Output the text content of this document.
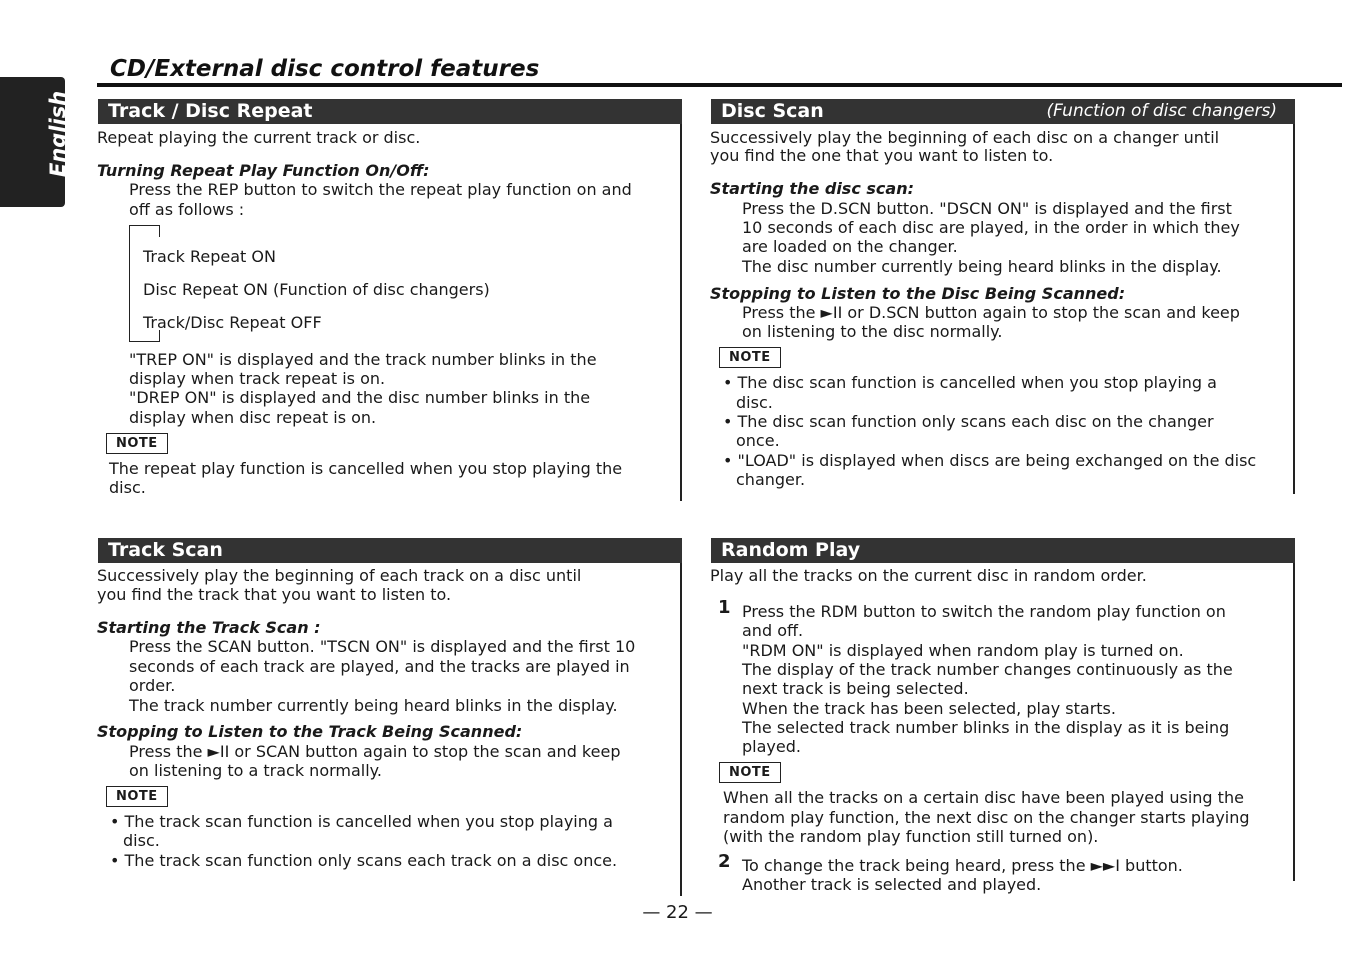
English
CD/External disc control features
Track / Disc Repeat
Repeat playing the current track or disc.
Turning Repeat Play Function On/Off:
Press the REP button to switch the repeat play function on and
off as follows :
Track Repeat ON
Disc Repeat ON (Function of disc changers)
Track/Disc Repeat OFF
"TREP ON" is displayed and the track number blinks in the
display when track repeat is on.
"DREP ON" is displayed and the disc number blinks in the
display when disc repeat is on.
NOTE
The repeat play function is cancelled when you stop playing the
disc.
Disc Scan	(Function of disc changers)
Successively play the beginning of each disc on a changer until
you find the one that you want to listen to.
Starting the disc scan:
Press the D.SCN button. "DSCN ON" is displayed and the first
10 seconds of each disc are played, in the order in which they
are loaded on the changer.
The disc number currently being heard blinks in the display.
Stopping to Listen to the Disc Being Scanned:
Press the ►II or D.SCN button again to stop the scan and keep
on listening to the disc normally.
NOTE
• The disc scan function is cancelled when you stop playing a
disc.
• The disc scan function only scans each disc on the changer
once.
• "LOAD" is displayed when discs are being exchanged on the disc
changer.
Track Scan
Successively play the beginning of each track on a disc until
you find the track that you want to listen to.
Starting the Track Scan :
Press the SCAN button. "TSCN ON" is displayed and the first 10
seconds of each track are played, and the tracks are played in
order.
The track number currently being heard blinks in the display.
Stopping to Listen to the Track Being Scanned:
Press the ►II or SCAN button again to stop the scan and keep
on listening to a track normally.
NOTE
• The track scan function is cancelled when you stop playing a
disc.
• The track scan function only scans each track on a disc once.
Random Play
Play all the tracks on the current disc in random order.
1 Press the RDM button to switch the random play function on
and off.
"RDM ON" is displayed when random play is turned on.
The display of the track number changes continuously as the
next track is being selected.
When the track has been selected, play starts.
The selected track number blinks in the display as it is being
played.
NOTE
When all the tracks on a certain disc have been played using the
random play function, the next disc on the changer starts playing
(with the random play function still turned on).
2 To change the track being heard, press the ►►I button.
Another track is selected and played.
— 22 —
